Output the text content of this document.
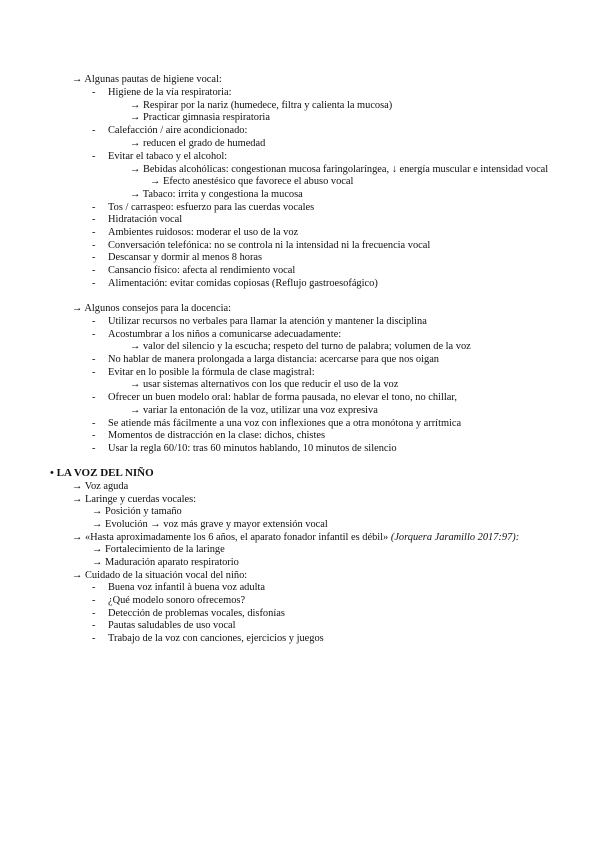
→ Algunas pautas de higiene vocal:
- Higiene de la vía respiratoria:
→ Respirar por la nariz (humedece, filtra y calienta la mucosa)
→ Practicar gimnasia respiratoria
- Calefacción / aire acondicionado:
→ reducen el grado de humedad
- Evitar el tabaco y el alcohol:
→ Bebidas alcohólicas: congestionan mucosa faringolaríngea, ↓ energía muscular e intensidad vocal
→ Efecto anestésico que favorece el abuso vocal
→ Tabaco: irrita y congestiona la mucosa
- Tos / carraspeo: esfuerzo para las cuerdas vocales
- Hidratación vocal
- Ambientes ruidosos: moderar el uso de la voz
- Conversación telefónica: no se controla ni la intensidad ni la frecuencia vocal
- Descansar y dormir al menos 8 horas
- Cansancio físico: afecta al rendimiento vocal
- Alimentación: evitar comidas copiosas (Reflujo gastroesofágico)
→ Algunos consejos para la docencia:
- Utilizar recursos no verbales para llamar la atención y mantener la disciplina
- Acostumbrar a los niños a comunicarse adecuadamente:
→ valor del silencio y la escucha; respeto del turno de palabra; volumen de la voz
- No hablar de manera prolongada a larga distancia: acercarse para que nos oigan
- Evitar en lo posible la fórmula de clase magistral:
→ usar sistemas alternativos con los que reducir el uso de la voz
- Ofrecer un buen modelo oral: hablar de forma pausada, no elevar el tono, no chillar,
→ variar la entonación de la voz, utilizar una voz expresiva
- Se atiende más fácilmente a una voz con inflexiones que a otra monótona y arrítmica
- Momentos de distracción en la clase: dichos, chistes
- Usar la regla 60/10: tras 60 minutos hablando, 10 minutos de silencio
• LA VOZ DEL NIÑO
→ Voz aguda
→ Laringe y cuerdas vocales:
→ Posición y tamaño
→ Evolución → voz más grave y mayor extensión vocal
→ «Hasta aproximadamente los 6 años, el aparato fonador infantil es débil» (Jorquera Jaramillo 2017:97):
→ Fortalecimiento de la laringe
→ Maduración aparato respiratorio
→ Cuidado de la situación vocal del niño:
- Buena voz infantil à buena voz adulta
- ¿Qué modelo sonoro ofrecemos?
- Detección de problemas vocales, disfonías
- Pautas saludables de uso vocal
- Trabajo de la voz con canciones, ejercicios y juegos
